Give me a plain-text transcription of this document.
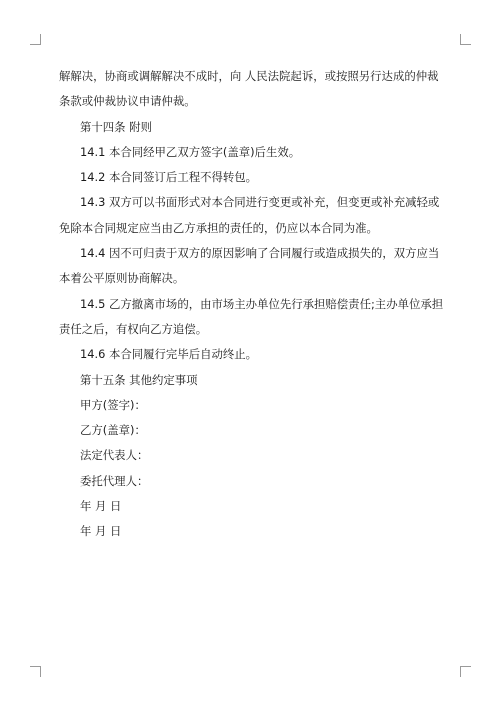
解解决，协商或调解解决不成时，向 人民法院起诉，或按照另行达成的仲裁条款或仲裁协议申请仲裁。

第十四条 附则

14.1 本合同经甲乙双方签字(盖章)后生效。

14.2 本合同签订后工程不得转包。

14.3 双方可以书面形式对本合同进行变更或补充，但变更或补充减轻或免除本合同规定应当由乙方承担的责任的，仍应以本合同为准。

14.4 因不可归责于双方的原因影响了合同履行或造成损失的，双方应当本着公平原则协商解决。

14.5 乙方撤离市场的，由市场主办单位先行承担赔偿责任;主办单位承担责任之后，有权向乙方追偿。

14.6 本合同履行完毕后自动终止。

第十五条 其他约定事项

甲方(签字)：

乙方(盖章)：

法定代表人：

委托代理人：

年 月 日

年 月 日
